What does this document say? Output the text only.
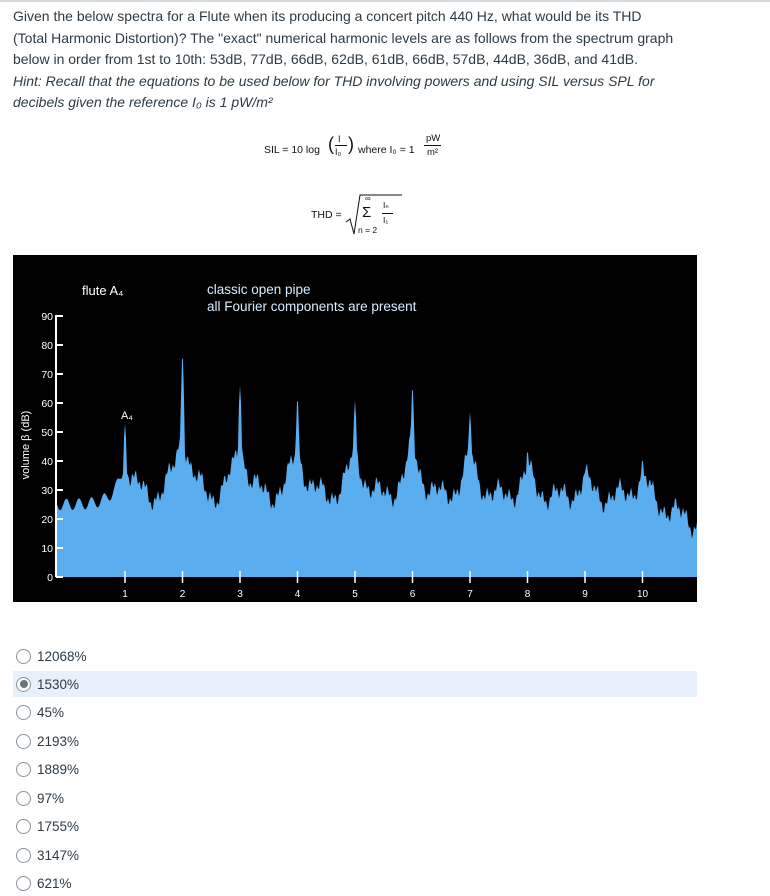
Given the below spectra for a Flute when its producing a concert pitch 440 Hz, what would be its THD

(Total Harmonic Distortion)? The "exact" numerical harmonic levels are as follows from the spectrum graph

below in order from 1st to 10th: 53dB, 77dB, 66dB, 62dB, 61dB, 66dB, 57dB, 44dB, 36dB, and 41dB.

Hint: Recall that the equations to be used below for THD involving powers and using SIL versus SPL for

decibels given the reference I₀ is 1 pW/m²

SIL = 10 log ( I
I₀ ) where I₀ = 1
pW
m²
THD =
∞
Σ
n = 2
Iₙ
I₁
0
10
20
30
40
50
60
70
80
90
1	2	3	4	5	6	7	8	9	10
volume β (dB)
flute A₄
A₄
classic open pipe
all Fourier components are present
12068%
1530%
45%
2193%
1889%
97%
1755%
3147%
621%
